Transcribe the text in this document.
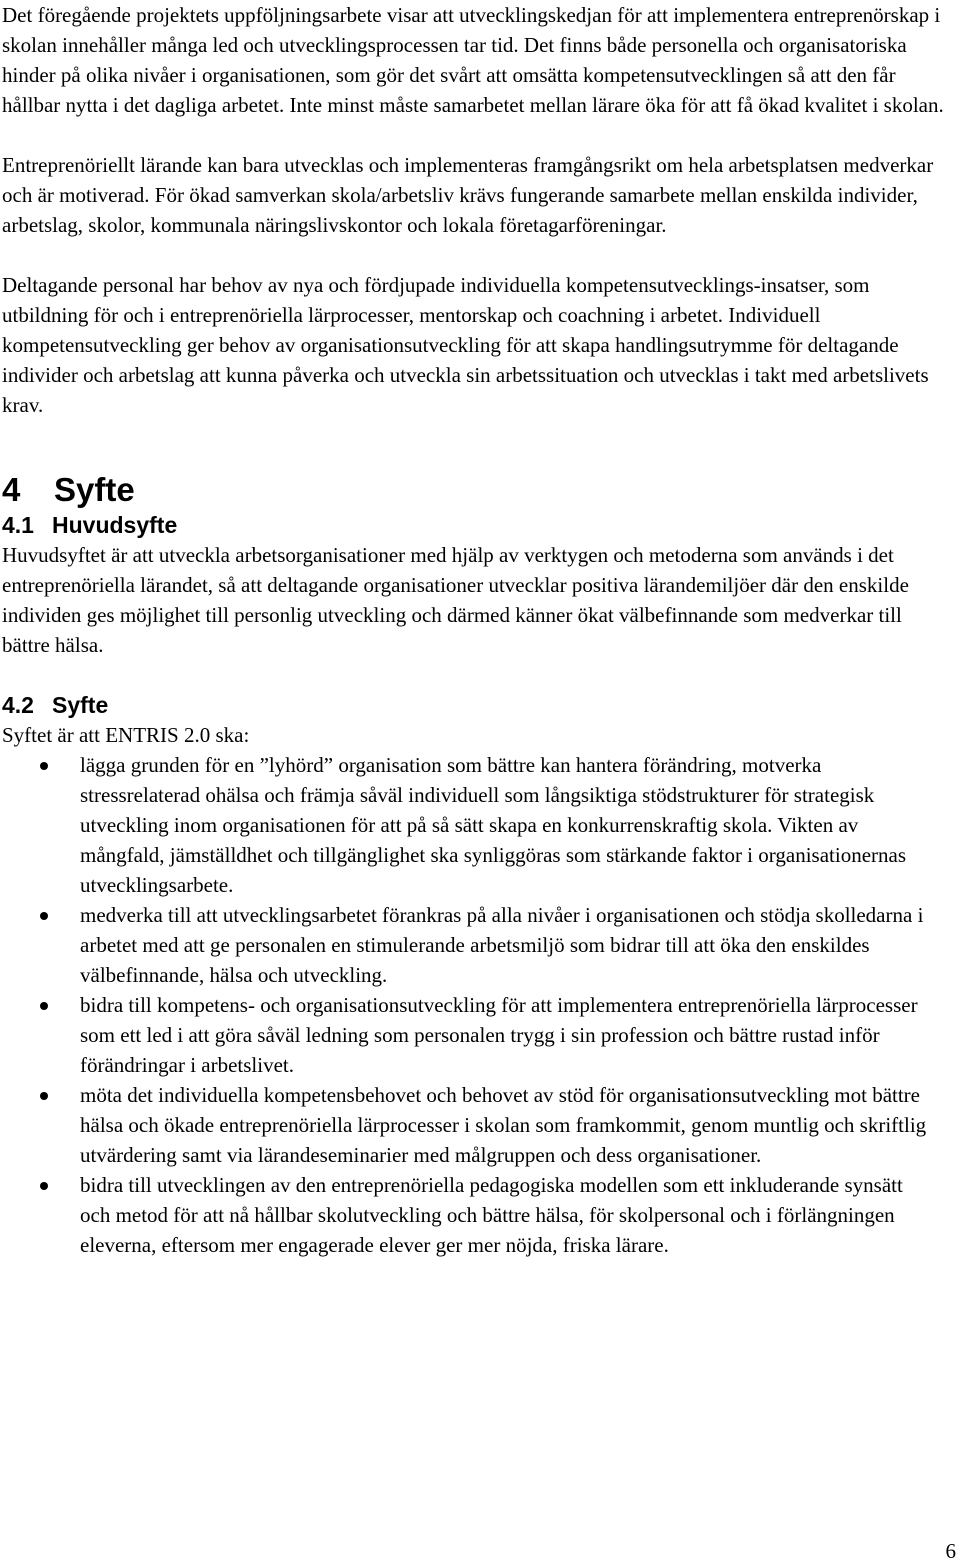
Det föregående projektets uppföljningsarbete visar att utvecklingskedjan för att implementera entreprenörskap i skolan innehåller många led och utvecklingsprocessen tar tid. Det finns både personella och organisatoriska hinder på olika nivåer i organisationen, som gör det svårt att omsätta kompetensutvecklingen så att den får hållbar nytta i det dagliga arbetet. Inte minst måste samarbetet mellan lärare öka för att få ökad kvalitet i skolan.

Entreprenöriellt lärande kan bara utvecklas och implementeras framgångsrikt om hela arbetsplatsen medverkar och är motiverad. För ökad samverkan skola/arbetsliv krävs fungerande samarbete mellan enskilda individer, arbetslag, skolor, kommunala näringslivskontor och lokala företagarföreningar.

Deltagande personal har behov av nya och fördjupade individuella kompetensutvecklings-insatser, som utbildning för och i entreprenöriella lärprocesser, mentorskap och coachning i arbetet. Individuell kompetensutveckling ger behov av organisationsutveckling för att skapa handlingsutrymme för deltagande individer och arbetslag att kunna påverka och utveckla sin arbetssituation och utvecklas i takt med arbetslivets krav.

4 Syfte
4.1 Huvudsyfte

Huvudsyftet är att utveckla arbetsorganisationer med hjälp av verktygen och metoderna som används i det entreprenöriella lärandet, så att deltagande organisationer utvecklar positiva lärandemiljöer där den enskilde individen ges möjlighet till personlig utveckling och därmed känner ökat välbefinnande som medverkar till bättre hälsa.

4.2 Syfte

Syftet är att ENTRIS 2.0 ska:

lägga grunden för en ”lyhörd” organisation som bättre kan hantera förändring, motverka stressrelaterad ohälsa och främja såväl individuell som långsiktiga stödstrukturer för strategisk utveckling inom organisationen för att på så sätt skapa en konkurrenskraftig skola. Vikten av mångfald, jämställdhet och tillgänglighet ska synliggöras som stärkande faktor i organisationernas utvecklingsarbete.
medverka till att utvecklingsarbetet förankras på alla nivåer i organisationen och stödja skolledarna i arbetet med att ge personalen en stimulerande arbetsmiljö som bidrar till att öka den enskildes välbefinnande, hälsa och utveckling.
bidra till kompetens- och organisationsutveckling för att implementera entreprenöriella lärprocesser som ett led i att göra såväl ledning som personalen trygg i sin profession och bättre rustad inför förändringar i arbetslivet.
möta det individuella kompetensbehovet och behovet av stöd för organisationsutveckling mot bättre hälsa och ökade entreprenöriella lärprocesser i skolan som framkommit, genom muntlig och skriftlig utvärdering samt via lärandeseminarier med målgruppen och dess organisationer.
bidra till utvecklingen av den entreprenöriella pedagogiska modellen som ett inkluderande synsätt och metod för att nå hållbar skolutveckling och bättre hälsa, för skolpersonal och i förlängningen eleverna, eftersom mer engagerade elever ger mer nöjda, friska lärare.
6
